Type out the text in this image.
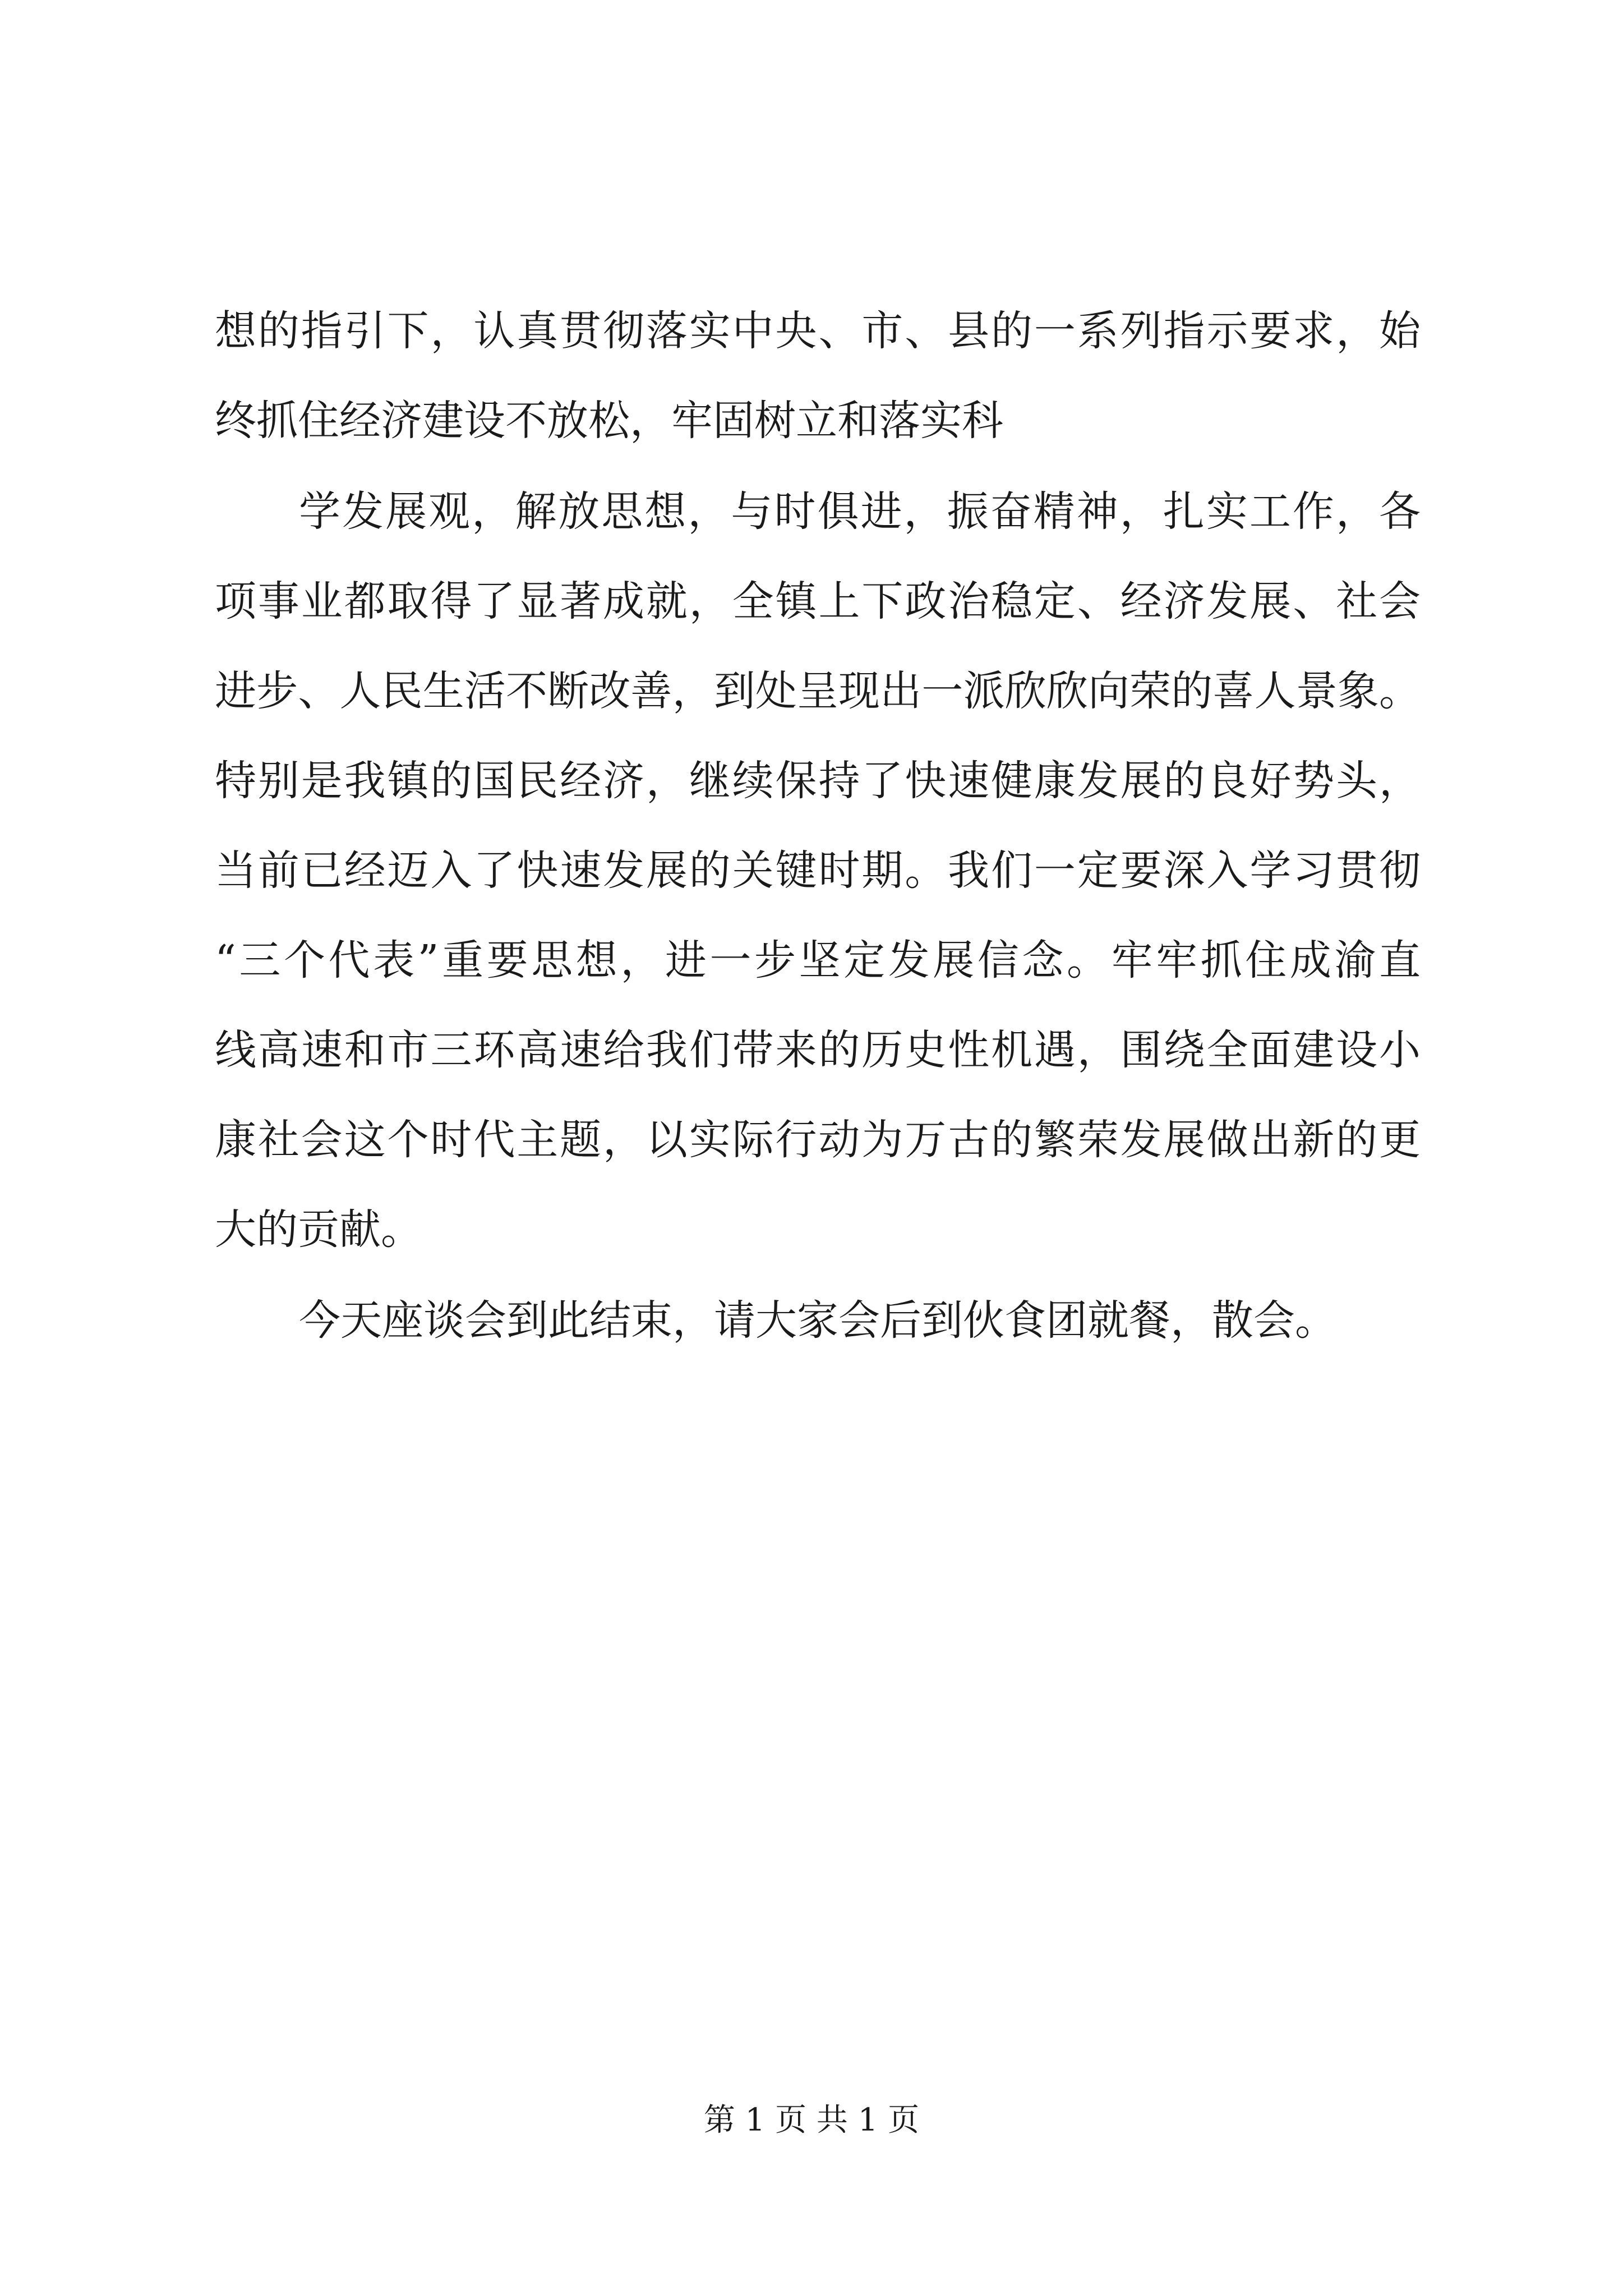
想的指引下，认真贯彻落实中央、市、县的一系列指示要求，始
终抓住经济建设不放松，牢固树立和落实科
学发展观，解放思想，与时俱进，振奋精神，扎实工作，各
项事业都取得了显著成就，全镇上下政治稳定、经济发展、社会
进步、人民生活不断改善，到处呈现出一派欣欣向荣的喜人景象。
特别是我镇的国民经济，继续保持了快速健康发展的良好势头，
当前已经迈入了快速发展的关键时期。我们一定要深入学习贯彻
“三个代表”重要思想，进一步坚定发展信念。牢牢抓住成渝直
线高速和市三环高速给我们带来的历史性机遇，围绕全面建设小
康社会这个时代主题，以实际行动为万古的繁荣发展做出新的更
大的贡献。
今天座谈会到此结束，请大家会后到伙食团就餐，散会。
第 1 页 共 1 页
